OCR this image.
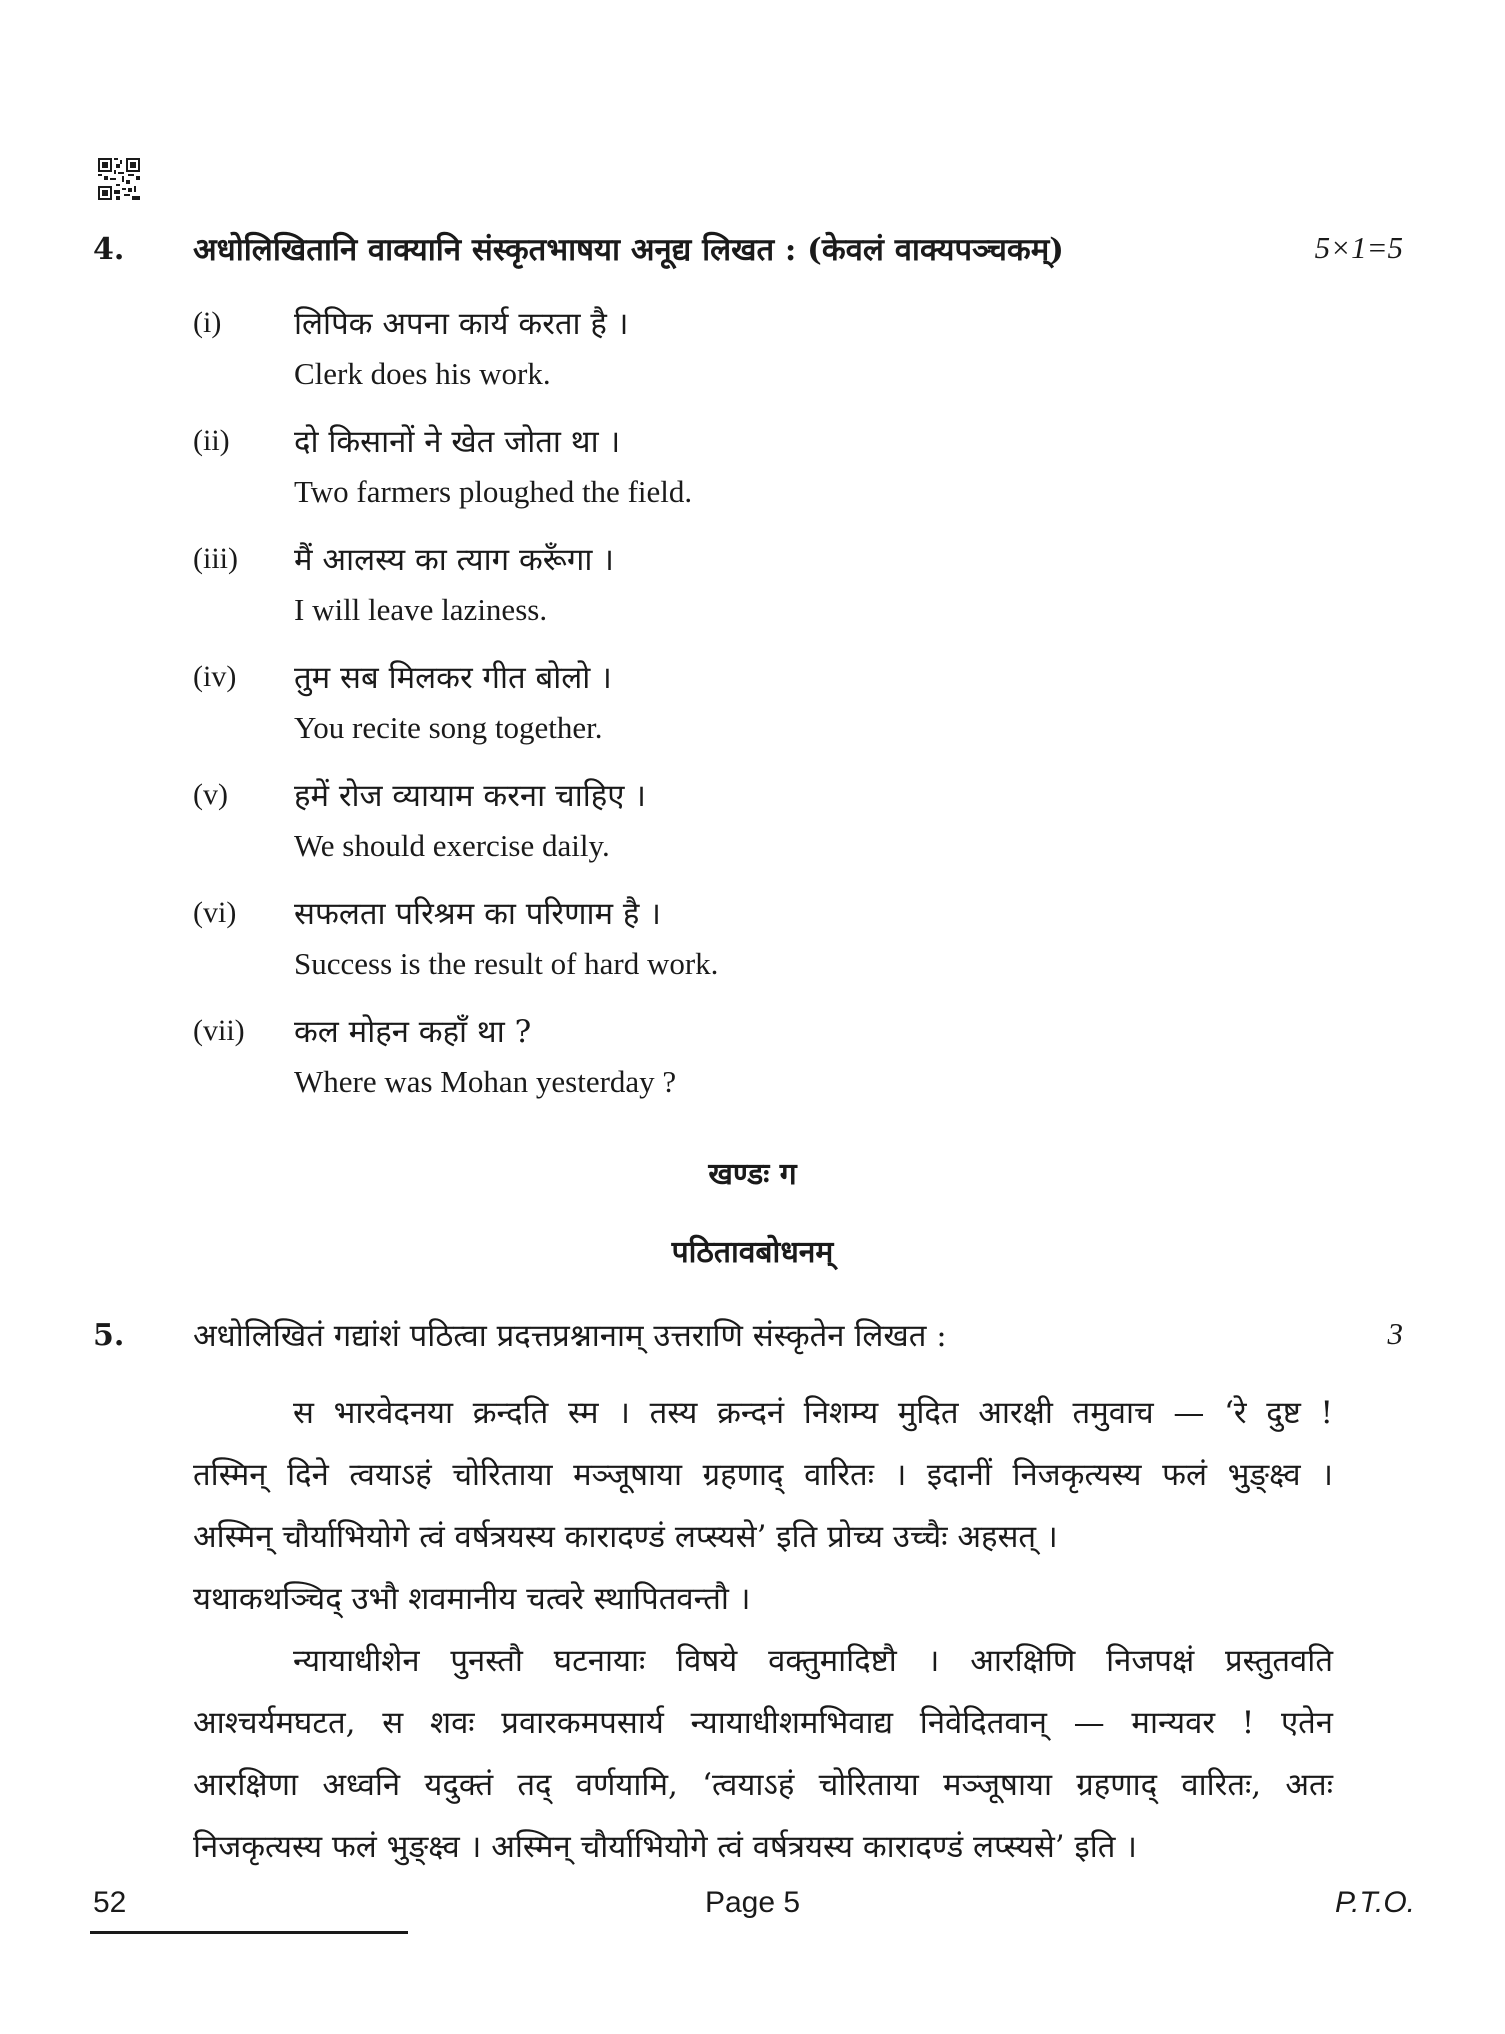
4. अधोलिखितानि वाक्यानि संस्कृतभाषया अनूद्य लिखत : (केवलं वाक्यपञ्चकम्)	5×1=5
(i) लिपिक अपना कार्य करता है ।
Clerk does his work.
(ii) दो किसानों ने खेत जोता था ।
Two farmers ploughed the field.
(iii) मैं आलस्य का त्याग करूँगा ।
I will leave laziness.
(iv) तुम सब मिलकर गीत बोलो ।
You recite song together.
(v) हमें रोज व्यायाम करना चाहिए ।
We should exercise daily.
(vi) सफलता परिश्रम का परिणाम है ।
Success is the result of hard work.
(vii) कल मोहन कहाँ था ?
Where was Mohan yesterday ?
खण्डः ग
पठितावबोधनम्
5. अधोलिखितं गद्यांशं पठित्वा प्रदत्तप्रश्नानाम् उत्तराणि संस्कृतेन लिखत :	3
स भारवेदनया क्रन्दति स्म । तस्य क्रन्दनं निशम्य मुदित आरक्षी तमुवाच — ‘रे दुष्ट !
तस्मिन् दिने त्वयाऽहं चोरिताया मञ्जूषाया ग्रहणाद् वारितः । इदानीं निजकृत्यस्य फलं भुङ्क्ष्व ।
अस्मिन् चौर्याभियोगे त्वं वर्षत्रयस्य कारादण्डं लप्स्यसे’ इति प्रोच्य उच्चैः अहसत् ।
यथाकथञ्चिद् उभौ शवमानीय चत्वरे स्थापितवन्तौ ।
न्यायाधीशेन पुनस्तौ घटनायाः विषये वक्तुमादिष्टौ । आरक्षिणि निजपक्षं प्रस्तुतवति
आश्चर्यमघटत, स शवः प्रवारकमपसार्य न्यायाधीशमभिवाद्य निवेदितवान् — मान्यवर ! एतेन
आरक्षिणा अध्वनि यदुक्तं तद् वर्णयामि, ‘त्वयाऽहं चोरिताया मञ्जूषाया ग्रहणाद् वारितः, अतः
निजकृत्यस्य फलं भुङ्क्ष्व । अस्मिन् चौर्याभियोगे त्वं वर्षत्रयस्य कारादण्डं लप्स्यसे’ इति ।
52	Page 5	P.T.O.
